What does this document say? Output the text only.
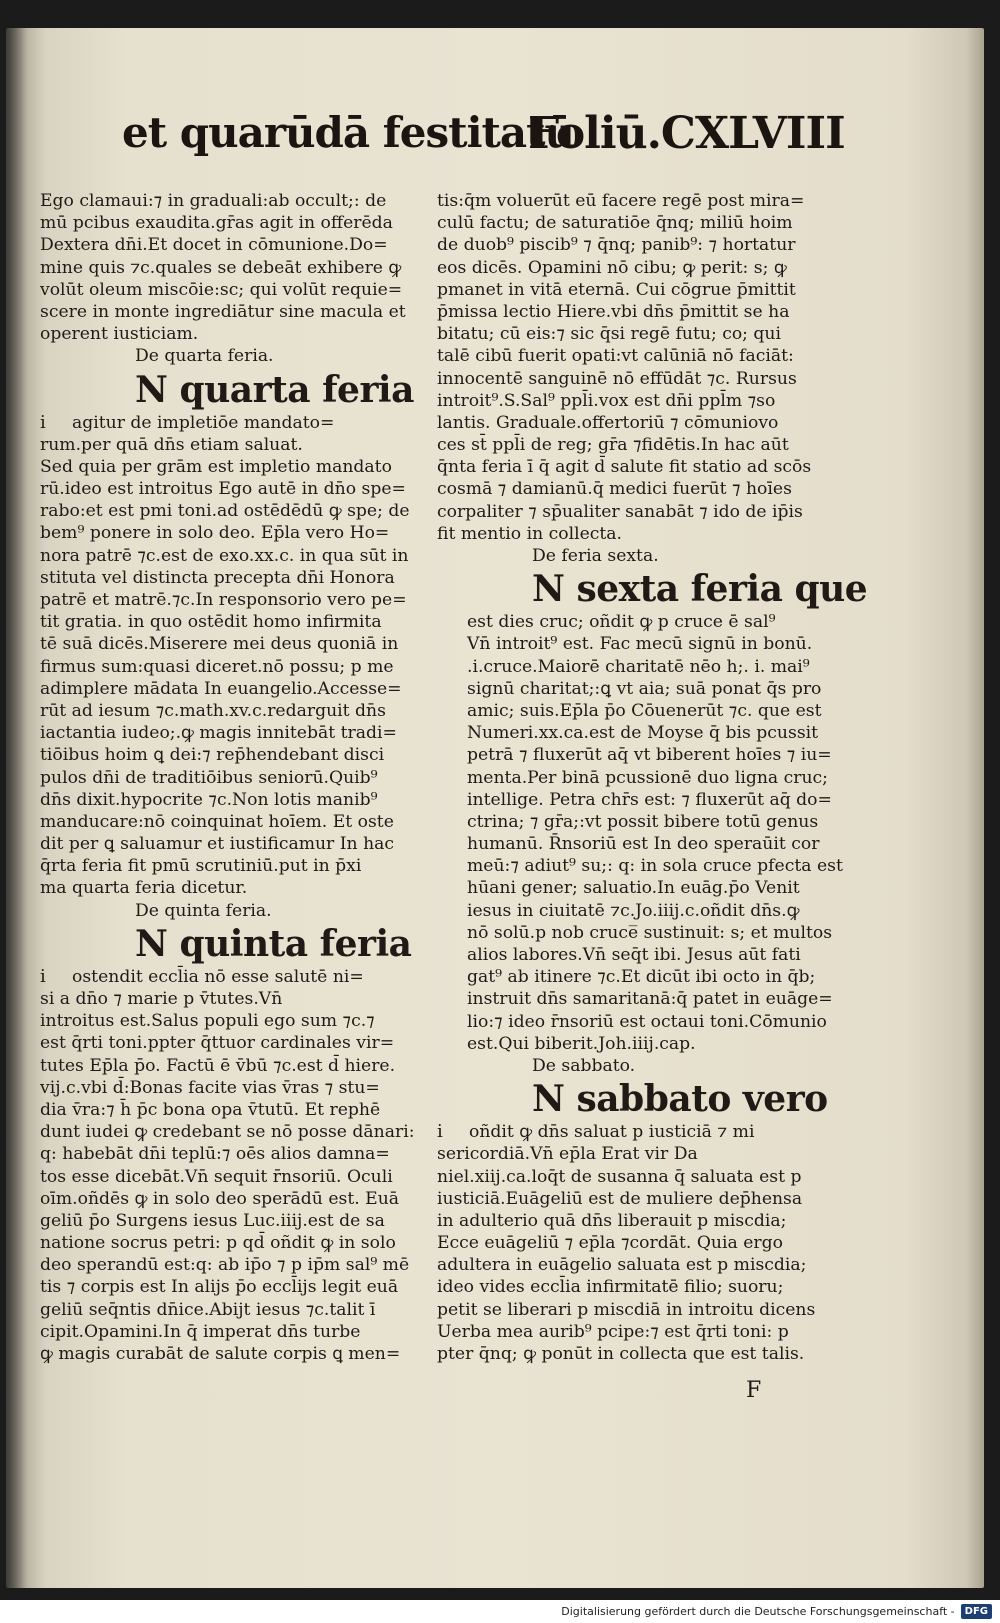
et quarūdā festitatū
Foliū.CXLVIII
Ego clamaui:⁊ in graduali:ab occult;: de
mū pcibus exaudita.gr̄as agit in offerēda
Dextera dn̄i.Et docet in cōmunione.Do=
mine quis ⁊c.quales se debeāt exhibere ꝙ
volūt oleum miscōie:sc; qui volūt requie=
scere in monte ingrediātur sine macula et
operent iusticiam.
De quarta feria.
N quarta feria
i agitur de impletiōe mandato=
rum.per quā dn̄s etiam saluat.
Sed quia per grām est impletio mandato
rū.ideo est introitus Ego autē in dn̄o spe=
rabo:et est pmi toni.ad ostēdēdū ꝙ spe; de
bem⁹ ponere in solo deo. Ep̄la vero Ho=
nora patrē ⁊c.est de exo.xx.c. in qua sūt in
stituta vel distincta precepta dn̄i Honora
patrē et matrē.⁊c.In responsorio vero pe=
tit gratia. in quo ostēdit homo infirmita
tē suā dicēs.Miserere mei deus quoniā in
firmus sum:quasi diceret.nō possu; p me
adimplere mādata In euangelio.Accesse=
rūt ad iesum ⁊c.math.xv.c.redarguit dn̄s
iactantia iudeo;.ꝙ magis innitebāt tradi=
tiōibus hoim ꝗ dei:⁊ rep̄hendebant disci
pulos dn̄i de traditiōibus seniorū.Quib⁹
dn̄s dixit.hypocrite ⁊c.Non lotis manib⁹
manducare:nō coinquinat hoīem. Et oste
dit per ꝗ saluamur et iustificamur In hac
q̄rta feria fit pmū scrutiniū.put in p̄xi
ma quarta feria dicetur.
De quinta feria.
N quinta feria
i ostendit eccl̄ia nō esse salutē ni=
si a dn̄o ⁊ marie p v̄tutes.Vn̄
introitus est.Salus populi ego sum ⁊c.⁊
est q̄rti toni.ppter q̄ttuor cardinales vir=
tutes Ep̄la p̄o. Factū ē v̄bū ⁊c.est d̄ hiere.
vij.c.vbi d̄:Bonas facite vias v̄ras ⁊ stu=
dia v̄ra:⁊ h̄ p̄c bona opa v̄tutū. Et rephē
dunt iudei ꝙ credebant se nō posse dānari:
q: habebāt dn̄i teplū:⁊ oēs alios damna=
tos esse dicebāt.Vn̄ sequit r̄nsoriū. Oculi
oīm.oñdēs ꝙ in solo deo sperādū est. Euā
geliū p̄o Surgens iesus Luc.iiij.est de sa
natione socrus petri: p qd̄ oñdit ꝙ in solo
deo sperandū est:q: ab ip̄o ⁊ p ip̄m sal⁹ mē
tis ⁊ corpis est In alijs p̄o eccl̄ijs legit euā
geliū seq̄ntis dn̄ice.Abijt iesus ⁊c.talit ī
cipit.Opamini.In q̄ imperat dn̄s turbe
ꝙ magis curabāt de salute corpis ꝗ men=
tis:q̄m voluerūt eū facere regē post mira=
culū factu; de saturatiōe q̄nq; miliū hoim
de duob⁹ piscib⁹ ⁊ q̄nq; panib⁹: ⁊ hortatur
eos dicēs. Opamini nō cibu; ꝙ perit: s; ꝙ
pmanet in vitā eternā. Cui cōgrue p̄mittit
p̄missa lectio Hiere.vbi dn̄s p̄mittit se ha
bitatu; cū eis:⁊ sic q̄si regē futu; co; qui
talē cibū fuerit opati:vt calūniā nō faciāt:
innocentē sanguinē nō effūdāt ⁊c. Rursus
introit⁹.S.Sal⁹ ppl̄i.vox est dn̄i ppl̄m ⁊so
lantis. Graduale.offertoriū ⁊ cōmuniovo
ces st̄ ppl̄i de reg; gr̄a ⁊fidētis.In hac aūt
q̄nta feria ī q̄ agit d̄ salute fit statio ad scōs
cosmā ⁊ damianū.q̄ medici fuerūt ⁊ hoīes
corpaliter ⁊ sp̄ualiter sanabāt ⁊ ido de ip̄is
fit mentio in collecta.
De feria sexta.
N sexta feria que
est dies cruc; oñdit ꝙ p cruce ē sal⁹
Vn̄ introit⁹ est. Fac mecū signū in bonū.
.i.cruce.Maiorē charitatē nēo h;. i. mai⁹
signū charitat;:ꝗ vt aia; suā ponat q̄s pro
amic; suis.Ep̄la p̄o Cōuenerūt ⁊c. que est
Numeri.xx.ca.est de Moyse q̄ bis pcussit
petrā ⁊ fluxerūt aq̄ vt biberent hoīes ⁊ iu=
menta.Per binā pcussionē duo ligna cruc;
intellige. Petra chr̄s est: ⁊ fluxerūt aq̄ do=
ctrina; ⁊ gr̄a;:vt possit bibere totū genus
humanū. R̄nsoriū est In deo speraūit cor
meū:⁊ adiut⁹ su;: q: in sola cruce pfecta est
hūani gener; saluatio.In euāg.p̄o Venit
iesus in ciuitatē ⁊c.Jo.iiij.c.oñdit dn̄s.ꝙ
nō solū.p nob cruce̅ sustinuit: s; et multos
alios labores.Vn̄ seq̄t ibi. Jesus aūt fati
gat⁹ ab itinere ⁊c.Et dicūt ibi octo in q̄b;
instruit dn̄s samaritanā:q̄ patet in euāge=
lio:⁊ ideo r̄nsoriū est octaui toni.Cōmunio
est.Qui biberit.Joh.iiij.cap.
De sabbato.
N sabbato vero
i oñdit ꝙ dn̄s saluat p iusticiā ⁊ mi
sericordiā.Vn̄ ep̄la Erat vir Da
niel.xiij.ca.loq̄t de susanna q̄ saluata est p
iusticiā.Euāgeliū est de muliere dep̄hensa
in adulterio quā dn̄s liberauit p miscdia;
Ecce euāgeliū ⁊ ep̄la ⁊cordāt. Quia ergo
adultera in euāgelio saluata est p miscdia;
ideo vides eccl̄ia infirmitatē filio; suoru;
petit se liberari p miscdiā in introitu dicens
Uerba mea aurib⁹ pcipe:⁊ est q̄rti toni: p
pter q̄nq; ꝙ ponūt in collecta que est talis.
F
Digitalisierung gefördert durch die Deutsche Forschungsgemeinschaft -	DFG
